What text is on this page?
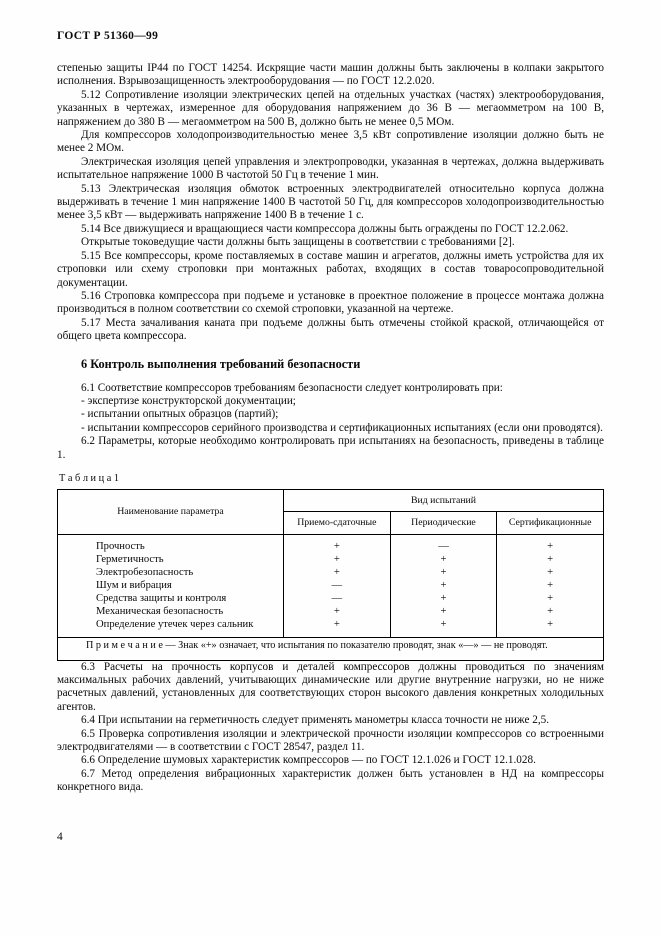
ГОСТ Р 51360—99

степенью защиты IP44 по ГОСТ 14254. Искрящие части машин должны быть заключены в колпаки закрытого исполнения. Взрывозащищенность электрооборудования — по ГОСТ 12.2.020.

5.12 Сопротивление изоляции электрических цепей на отдельных участках (частях) электрооборудования, указанных в чертежах, измеренное для оборудования напряжением до 36 В — мегаомметром на 100 В, напряжением до 380 В — мегаомметром на 500 В, должно быть не менее 0,5 МОм.

Для компрессоров холодопроизводительностью менее 3,5 кВт сопротивление изоляции должно быть не менее 2 МОм.

Электрическая изоляция цепей управления и электропроводки, указанная в чертежах, должна выдерживать испытательное напряжение 1000 В частотой 50 Гц в течение 1 мин.

5.13 Электрическая изоляция обмоток встроенных электродвигателей относительно корпуса должна выдерживать в течение 1 мин напряжение 1400 В частотой 50 Гц, для компрессоров холодопроизводительностью менее 3,5 кВт — выдерживать напряжение 1400 В в течение 1 с.

5.14 Все движущиеся и вращающиеся части компрессора должны быть ограждены по ГОСТ 12.2.062.

Открытые токоведущие части должны быть защищены в соответствии с требованиями [2].

5.15 Все компрессоры, кроме поставляемых в составе машин и агрегатов, должны иметь устройства для их строповки или схему строповки при монтажных работах, входящих в состав товаросопроводительной документации.

5.16 Строповка компрессора при подъеме и установке в проектное положение в процессе монтажа должна производиться в полном соответствии со схемой строповки, указанной на чертеже.

5.17 Места зачаливания каната при подъеме должны быть отмечены стойкой краской, отличающейся от общего цвета компрессора.

6 Контроль выполнения требований безопасности

6.1 Соответствие компрессоров требованиям безопасности следует контролировать при:

- экспертизе конструкторской документации;

- испытании опытных образцов (партий);

- испытании компрессоров серийного производства и сертификационных испытаниях (если они проводятся).

6.2 Параметры, которые необходимо контролировать при испытаниях на безопасность, приведены в таблице 1.

Т а б л и ц а 1
Наименование параметра	Вид испытаний		
	Приемо-сдаточные	Периодические	Сертификационные
Прочность	+	—	+
Герметичность	+	+	+
Электробезопасность	+	+	+
Шум и вибрация	—	+	+
Средства защиты и контроля	—	+	+
Механическая безопасность	+	+	+
Определение утечек через сальник	+	+	+
П р и м е ч а н и е — Знак «+» означает, что испытания по показателю проводят, знак «—» — не проводят.			

6.3 Расчеты на прочность корпусов и деталей компрессоров должны проводиться по значениям максимальных рабочих давлений, учитывающих динамические или другие внутренние нагрузки, но не ниже расчетных давлений, установленных для соответствующих сторон высокого давления конкретных холодильных агентов.

6.4 При испытании на герметичность следует применять манометры класса точности не ниже 2,5.

6.5 Проверка сопротивления изоляции и электрической прочности изоляции компрессоров со встроенными электродвигателями — в соответствии с ГОСТ 28547, раздел 11.

6.6 Определение шумовых характеристик компрессоров — по ГОСТ 12.1.026 и ГОСТ 12.1.028.

6.7 Метод определения вибрационных характеристик должен быть установлен в НД на компрессоры конкретного вида.

4
